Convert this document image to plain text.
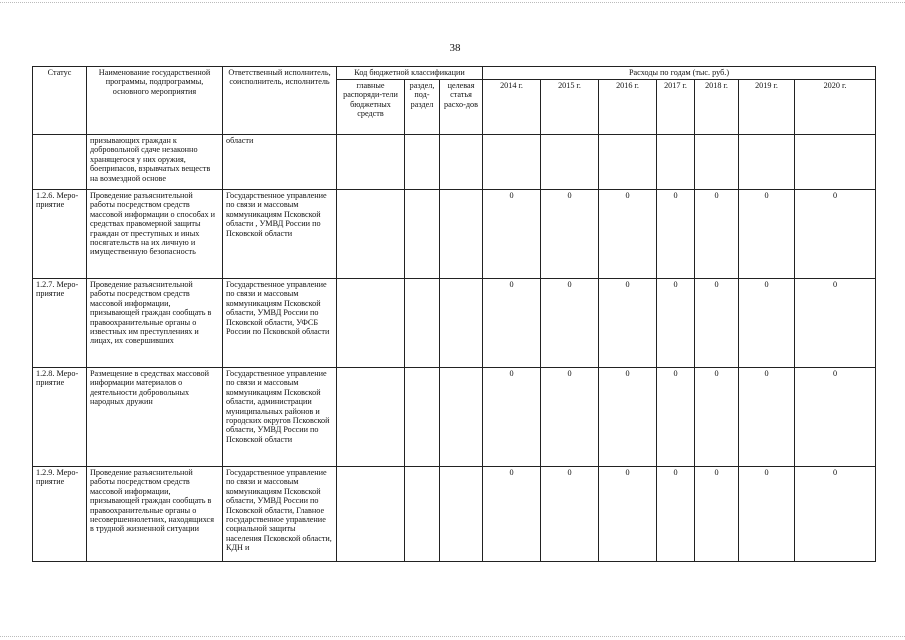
38
Статус	Наименование государственной программы, подпрограммы, основного мероприятия	Ответственный исполнитель, соисполнитель, исполнитель	Код бюджетной классификации			Расходы по годам (тыс. руб.)						
			главные распоряди-тели бюджетных средств	раздел, под-раздел	целевая статья расхо-дов	2014 г.	2015 г.	2016 г.	2017 г.	2018 г.	2019 г.	2020 г.
	призывающих граждан к добровольной сдаче незаконно хранящегося у них оружия, боеприпасов, взрывчатых веществ на возмездной основе	области										
1.2.6. Меро-приятие	Проведение разъяснительной работы посредством средств массовой информации о способах и средствах правомерной защиты граждан от преступных и иных посягательств на их личную и имущественную безопасность	Государственное управление по связи и массовым коммуникациям Псковской области , УМВД России по Псковской области				0	0	0	0	0	0	0
1.2.7. Меро-приятие	Проведение разъяснительной работы посредством средств массовой информации, призывающей граждан сообщать в правоохранительные органы о известных им преступлениях и лицах, их совершивших	Государственное управление по связи и массовым коммуникациям Псковской области, УМВД России по Псковской области, УФСБ России по Псковской области				0	0	0	0	0	0	0
1.2.8. Меро-приятие	Размещение в средствах массовой информации материалов о деятельности добровольных народных дружин	Государственное управление по связи и массовым коммуникациям Псковской области, администрации муниципальных районов и городских округов Псковской области, УМВД России по Псковской области				0	0	0	0	0	0	0
1.2.9. Меро-приятие	Проведение разъяснительной работы посредством средств массовой информации, призывающей граждан сообщать в правоохранительные органы о несовершеннолетних, находящихся в трудной жизненной ситуации	Государственное управление по связи и массовым коммуникациям Псковской области, УМВД России по Псковской области, Главное государственное управление социальной защиты населения Псковской области, КДН и				0	0	0	0	0	0	0
